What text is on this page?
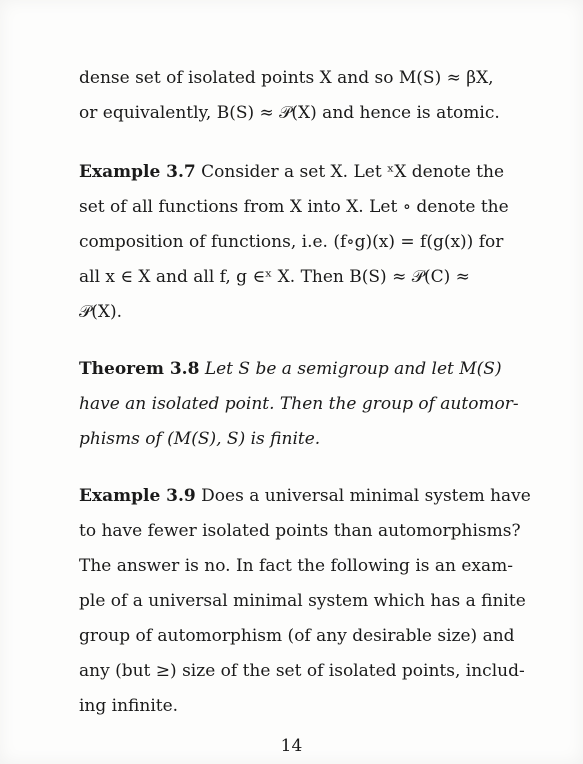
dense set of isolated points X and so M(S) ≈ βX,
or equivalently, B(S) ≈ 𝒫(X) and hence is atomic.
Example 3.7 Consider a set X. Let ˣX denote the
set of all functions from X into X. Let ∘ denote the
composition of functions, i.e. (f∘g)(x) = f(g(x)) for
all x ∈ X and all f, g ∈ˣ X. Then B(S) ≈ 𝒫(C) ≈
𝒫(X).
Theorem 3.8 Let S be a semigroup and let M(S)
have an isolated point. Then the group of automor-
phisms of (M(S), S) is finite.
Example 3.9 Does a universal minimal system have
to have fewer isolated points than automorphisms?
The answer is no. In fact the following is an exam-
ple of a universal minimal system which has a finite
group of automorphism (of any desirable size) and
any (but ≥) size of the set of isolated points, includ-
ing infinite.
14
